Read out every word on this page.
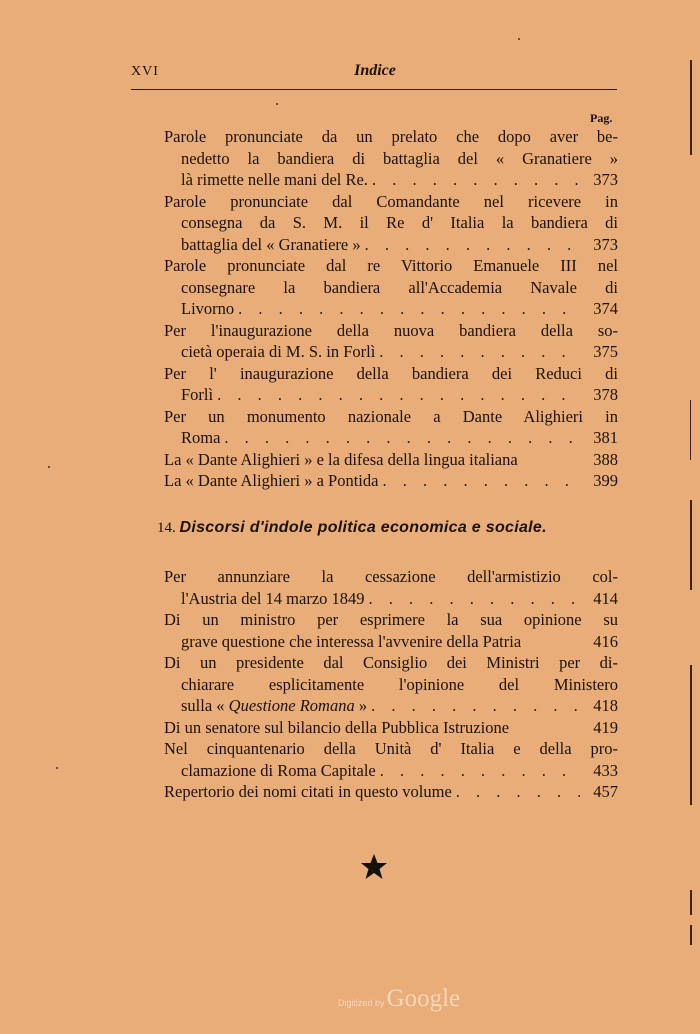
XVI	Indice
Pag.
Parole pronunciate da un prelato che dopo aver be-
nedetto la bandiera di battaglia del « Granatiere »
là rimette nelle mani del Re. . . .	373
Parole pronunciate dal Comandante nel ricevere in
consegna da S. M. il Re d' Italia la bandiera di
battaglia del « Granatiere » . . .	373
Parole pronunciate dal re Vittorio Emanuele III nel
consegnare la bandiera all'Accademia Navale di
Livorno . . .	374
Per l'inaugurazione della nuova bandiera della so-
cietà operaia di M. S. in Forlì . . .	375
Per l' inaugurazione della bandiera dei Reduci di
Forlì . . .	378
Per un monumento nazionale a Dante Alighieri in
Roma . . .	381
La « Dante Alighieri » e la difesa della lingua italiana	388
La « Dante Alighieri » a Pontida . . .	399
14. Discorsi d'indole politica economica e sociale.
Per annunziare la cessazione dell'armistizio col-
l'Austria del 14 marzo 1849 . . .	414
Di un ministro per esprimere la sua opinione su
grave questione che interessa l'avvenire della Patria	416
Di un presidente dal Consiglio dei Ministri per di-
chiarare esplicitamente l'opinione del Ministero
sulla « Questione Romana » . . .	418
Di un senatore sul bilancio della Pubblica Istruzione	419
Nel cinquantenario della Unità d' Italia e della pro-
clamazione di Roma Capitale . . .	433
Repertorio dei nomi citati in questo volume . . .	457
Digitized byGoogle
